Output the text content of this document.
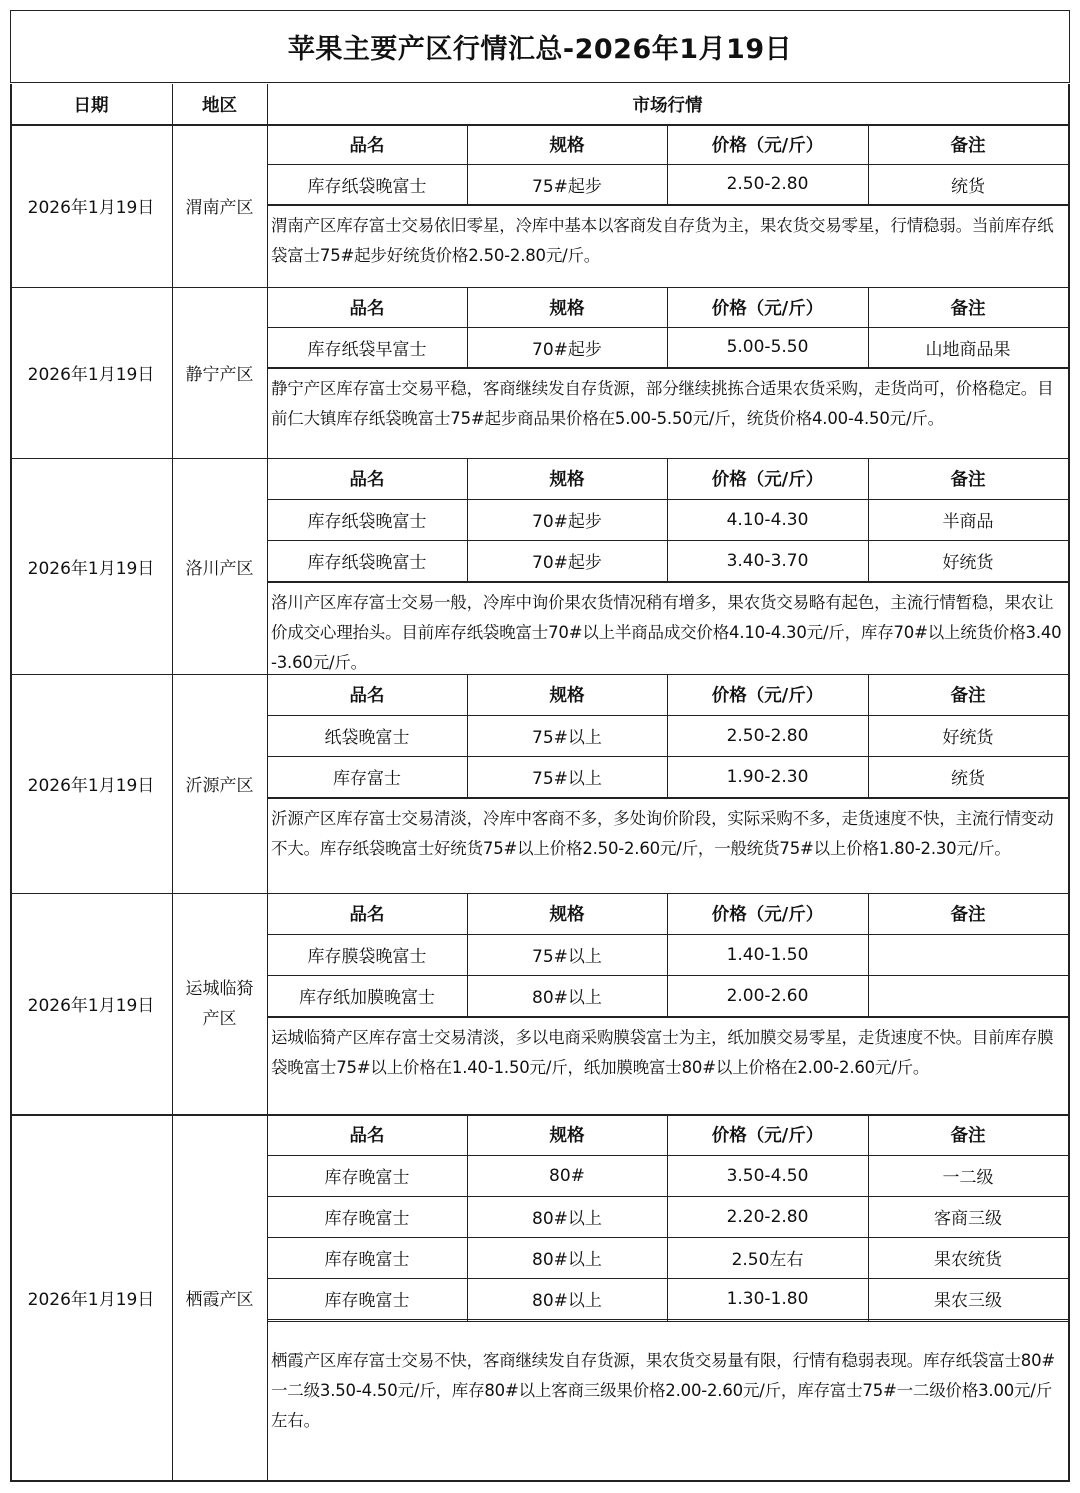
苹果主要产区行情汇总-2026年1月19日
日期	地区	市场行情
2026年1月19日	渭南产区
品名	规格	价格（元/斤）	备注
库存纸袋晚富士	75#起步	2.50-2.80	统货
渭南产区库存富士交易依旧零星，冷库中基本以客商发自存货为主，果农货交易零星，行情稳弱。当前库存纸袋富士75#起步好统货价格2.50-2.80元/斤。
2026年1月19日	静宁产区
品名	规格	价格（元/斤）	备注
库存纸袋早富士	70#起步	5.00-5.50	山地商品果
静宁产区库存富士交易平稳，客商继续发自存货源，部分继续挑拣合适果农货采购，走货尚可，价格稳定。目前仁大镇库存纸袋晚富士75#起步商品果价格在5.00-5.50元/斤，统货价格4.00-4.50元/斤。
2026年1月19日	洛川产区
品名	规格	价格（元/斤）	备注
库存纸袋晚富士	70#起步	4.10-4.30	半商品
库存纸袋晚富士	70#起步	3.40-3.70	好统货
洛川产区库存富士交易一般，冷库中询价果农货情况稍有增多，果农货交易略有起色，主流行情暂稳，果农让价成交心理抬头。目前库存纸袋晚富士70#以上半商品成交价格4.10-4.30元/斤，库存70#以上统货价格3.40-3.60元/斤。
2026年1月19日	沂源产区
品名	规格	价格（元/斤）	备注
纸袋晚富士	75#以上	2.50-2.80	好统货
库存富士	75#以上	1.90-2.30	统货
沂源产区库存富士交易清淡，冷库中客商不多，多处询价阶段，实际采购不多，走货速度不快，主流行情变动不大。库存纸袋晚富士好统货75#以上价格2.50-2.60元/斤，一般统货75#以上价格1.80-2.30元/斤。
2026年1月19日
运城临猗产区
品名	规格	价格（元/斤）	备注
库存膜袋晚富士	75#以上	1.40-1.50
库存纸加膜晚富士	80#以上	2.00-2.60
运城临猗产区库存富士交易清淡，多以电商采购膜袋富士为主，纸加膜交易零星，走货速度不快。目前库存膜袋晚富士75#以上价格在1.40-1.50元/斤，纸加膜晚富士80#以上价格在2.00-2.60元/斤。
2026年1月19日	栖霞产区
品名	规格	价格（元/斤）	备注
库存晚富士	80#	3.50-4.50	一二级
库存晚富士	80#以上	2.20-2.80	客商三级
库存晚富士	80#以上	2.50左右	果农统货
库存晚富士	80#以上	1.30-1.80	果农三级
栖霞产区库存富士交易不快，客商继续发自存货源，果农货交易量有限，行情有稳弱表现。库存纸袋富士80#一二级3.50-4.50元/斤，库存80#以上客商三级果价格2.00-2.60元/斤，库存富士75#一二级价格3.00元/斤左右。
